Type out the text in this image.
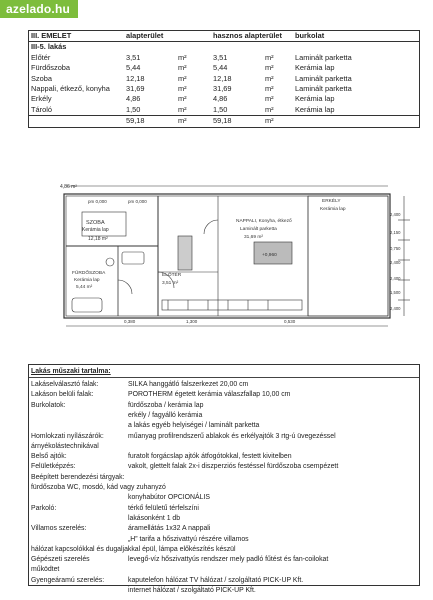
azelado.hu
III. EMELET	alapterület	hasznos alapterület	burkolat
III-5. lakás
Előtér	3,51	m²	3,51	m²	Laminált parketta
Fürdőszoba	5,44	m²	5,44	m²	Kerámia lap
Szoba	12,18	m²	12,18	m²	Laminált parketta
Nappali, étkező, konyha	31,69	m²	31,69	m²	Laminált parketta
Erkély	4,86	m²	4,86	m²	Kerámia lap
Tároló	1,50	m²	1,50	m²	Kerámia lap
59,18	m²	59,18	m²
4,86 m²
pm 0,000	pm 0,000
SZOBA
Kerámia lap
12,18 m²
NAPPALI, Konyha, étkező
Laminált parketta
31,69 m²
FÜRDŐSZOBA
Kerámia lap
5,44 m²
ELŐTÉR
3,51 m²
ERKÉLY
Kerámia lap
+0,960
0,380	1,300	0,530
2,400
2,150
0,750
2,400
2,400
1,500
2,400
Lakás műszaki tartalma:
Lakáselválasztó falak:	SILKA hanggátló falszerkezet 20,00 cm
Lakáson belüli falak:	POROTHERM égetett kerámia válaszfallap 10,00 cm
Burkolatok:	fürdőszoba / kerámia lap
erkély / fagyálló kerámia
a lakás egyéb helyiségei / laminált parketta
Homlokzati nyílászárók:	műanyag profilrendszerű ablakok és erkélyajtók 3 rtg-ú üvegezéssel
árnyékolástechnikával
Belső ajtók:	furatolt forgácslap ajtók átfogótokkal, festett kivitelben
Felületképzés:	vakolt, glettelt falak 2x-i diszperziós festéssel fürdőszoba csempézett
Beépített berendezési tárgyak:
fürdőszoba WC, mosdó, kád vagy zuhanyzó
konyhabútor OPCIONÁLIS
Parkoló:	térkő felületű térfelszíni
lakásonként 1 db
Villamos szerelés:	áramellátás 1x32 A nappali
„H” tarifa a hőszivattyú részére villamos
hálózat kapcsolókkal és dugaljakkal épül, lámpa előkészítés készül
Gépészeti szerelés	levegő-víz hőszivattyús rendszer mely padló fűtést és fan-coilokat
működtet
Gyengeáramú szerelés:	kaputelefon hálózat TV hálózat / szolgáltató PICK-UP Kft.
internet hálózat / szolgáltató PICK-UP Kft.
